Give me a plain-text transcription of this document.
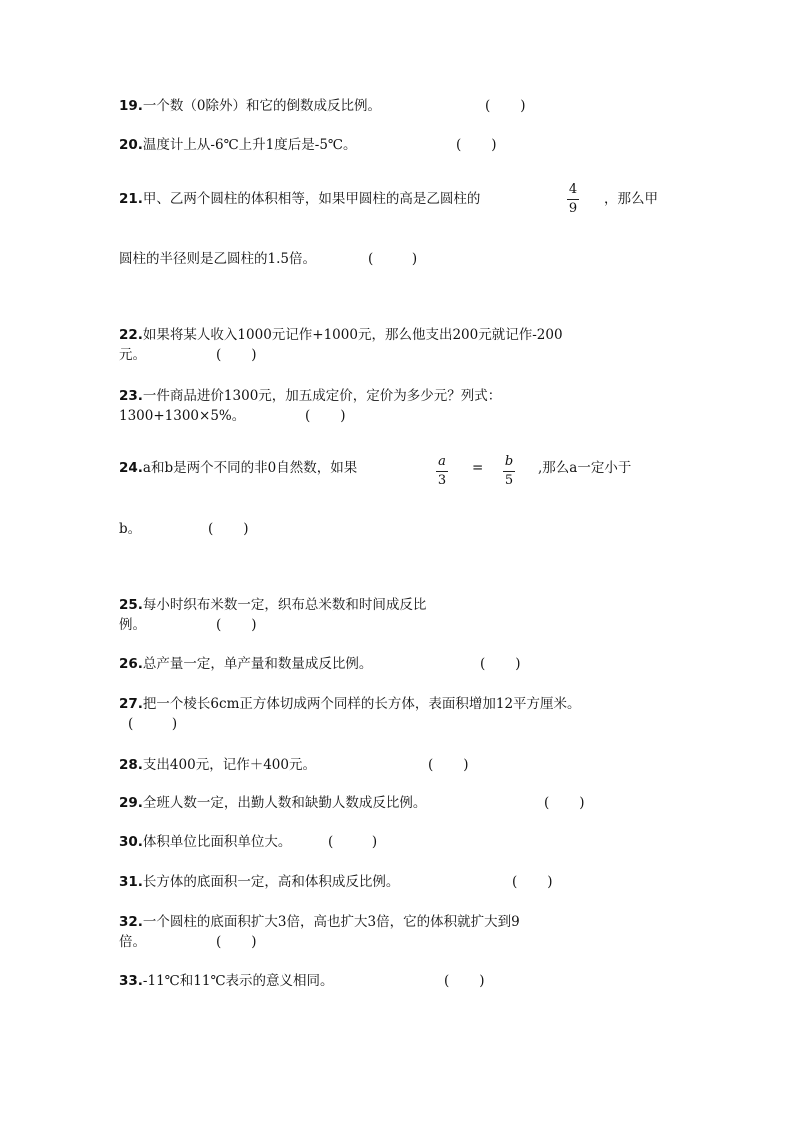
19.一个数（0除外）和它的倒数成反比例。	(       )
20.温度计上从-6℃上升1度后是-5℃。	(       )
21.甲、乙两个圆柱的体积相等，如果甲圆柱的高是乙圆柱的
4
9
，那么甲
圆柱的半径则是乙圆柱的1.5倍。	(         )
22.如果将某人收入1000元记作+1000元，那么他支出200元就记作-200
元。	(       )
23.一件商品进价1300元，加五成定价，定价为多少元？列式：
1300+1300×5%。	(       )
24.a和b是两个不同的非0自然数，如果	a
3
= b
5
,那么a一定小于
b。	(       )
25.每小时织布米数一定，织布总米数和时间成反比
例。	(       )
26.总产量一定，单产量和数量成反比例。	(       )
27.把一个棱长6cm正方体切成两个同样的长方体，表面积增加12平方厘米。
(         )
28.支出400元，记作＋400元。	(       )
29.全班人数一定，出勤人数和缺勤人数成反比例。	(       )
30.体积单位比面积单位大。	(         )
31.长方体的底面积一定，高和体积成反比例。	(       )
32.一个圆柱的底面积扩大3倍，高也扩大3倍，它的体积就扩大到9
倍。	(       )
33.-11℃和11℃表示的意义相同。	(       )
